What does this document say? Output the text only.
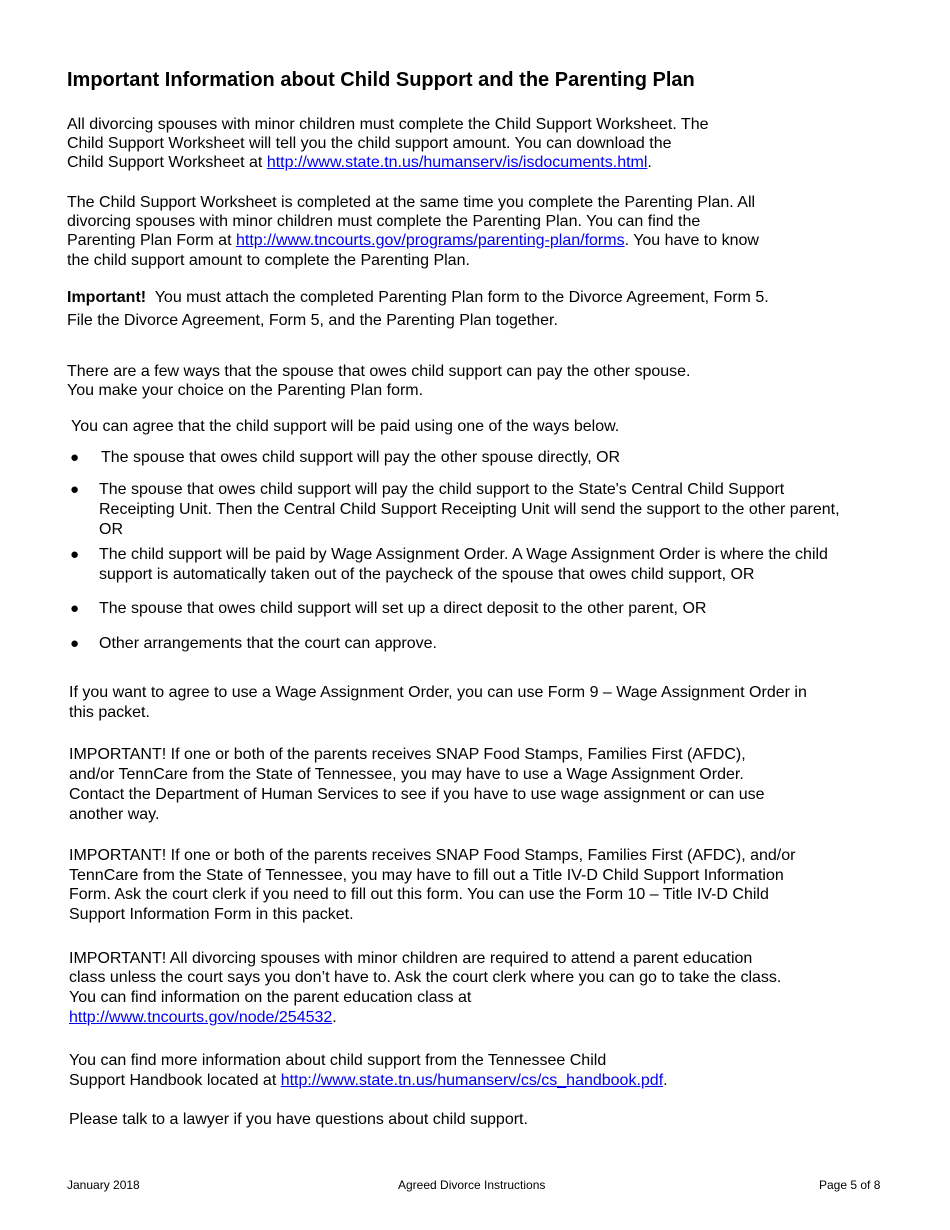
Important Information about Child Support and the Parenting Plan

All divorcing spouses with minor children must complete the Child Support Worksheet. The

Child Support Worksheet will tell you the child support amount. You can download the

Child Support Worksheet at http://www.state.tn.us/humanserv/is/isdocuments.html.

The Child Support Worksheet is completed at the same time you complete the Parenting Plan. All

divorcing spouses with minor children must complete the Parenting Plan. You can find the

Parenting Plan Form at http://www.tncourts.gov/programs/parenting-plan/forms. You have to know

the child support amount to complete the Parenting Plan.

Important!  You must attach the completed Parenting Plan form to the Divorce Agreement, Form 5.

File the Divorce Agreement, Form 5, and the Parenting Plan together.

There are a few ways that the spouse that owes child support can pay the other spouse.

You make your choice on the Parenting Plan form.

You can agree that the child support will be paid using one of the ways below.

● The spouse that owes child support will pay the other spouse directly, OR
● The spouse that owes child support will pay the child support to the State's Central Child Support
Receipting Unit. Then the Central Child Support Receipting Unit will send the support to the other parent,
OR
● The child support will be paid by Wage Assignment Order. A Wage Assignment Order is where the child
support is automatically taken out of the paycheck of the spouse that owes child support, OR
● The spouse that owes child support will set up a direct deposit to the other parent, OR
● Other arrangements that the court can approve.

If you want to agree to use a Wage Assignment Order, you can use Form 9 – Wage Assignment Order in

this packet.

IMPORTANT! If one or both of the parents receives SNAP Food Stamps, Families First (AFDC),

and/or TennCare from the State of Tennessee, you may have to use a Wage Assignment Order.

Contact the Department of Human Services to see if you have to use wage assignment or can use

another way.

IMPORTANT! If one or both of the parents receives SNAP Food Stamps, Families First (AFDC), and/or

TennCare from the State of Tennessee, you may have to fill out a Title IV-D Child Support Information

Form. Ask the court clerk if you need to fill out this form. You can use the Form 10 – Title IV-D Child

Support Information Form in this packet.

IMPORTANT! All divorcing spouses with minor children are required to attend a parent education

class unless the court says you don’t have to. Ask the court clerk where you can go to take the class.

You can find information on the parent education class at

http://www.tncourts.gov/node/254532.

You can find more information about child support from the Tennessee Child

Support Handbook located at http://www.state.tn.us/humanserv/cs/cs_handbook.pdf.

Please talk to a lawyer if you have questions about child support.

January 2018	Agreed Divorce Instructions	Page 5 of 8
